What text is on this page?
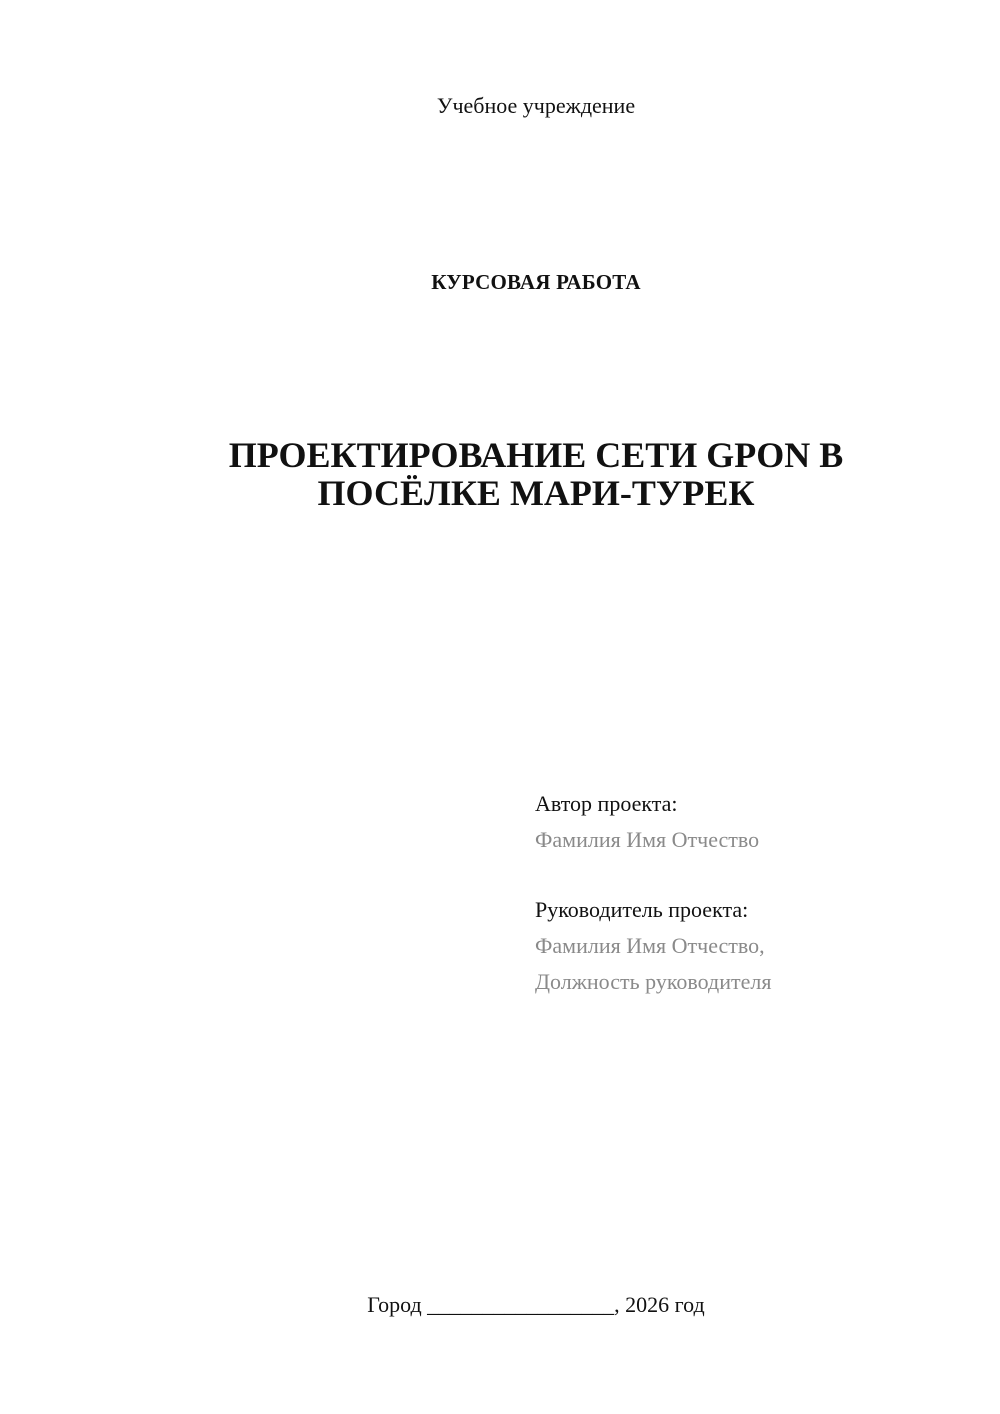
Учебное учреждение
КУРСОВАЯ РАБОТА
ПРОЕКТИРОВАНИЕ СЕТИ GPON В
ПОСЁЛКЕ МАРИ-ТУРЕК
Автор проекта:
Фамилия Имя Отчество
Руководитель проекта:
Фамилия Имя Отчество,
Должность руководителя
Город _________________, 2026 год
